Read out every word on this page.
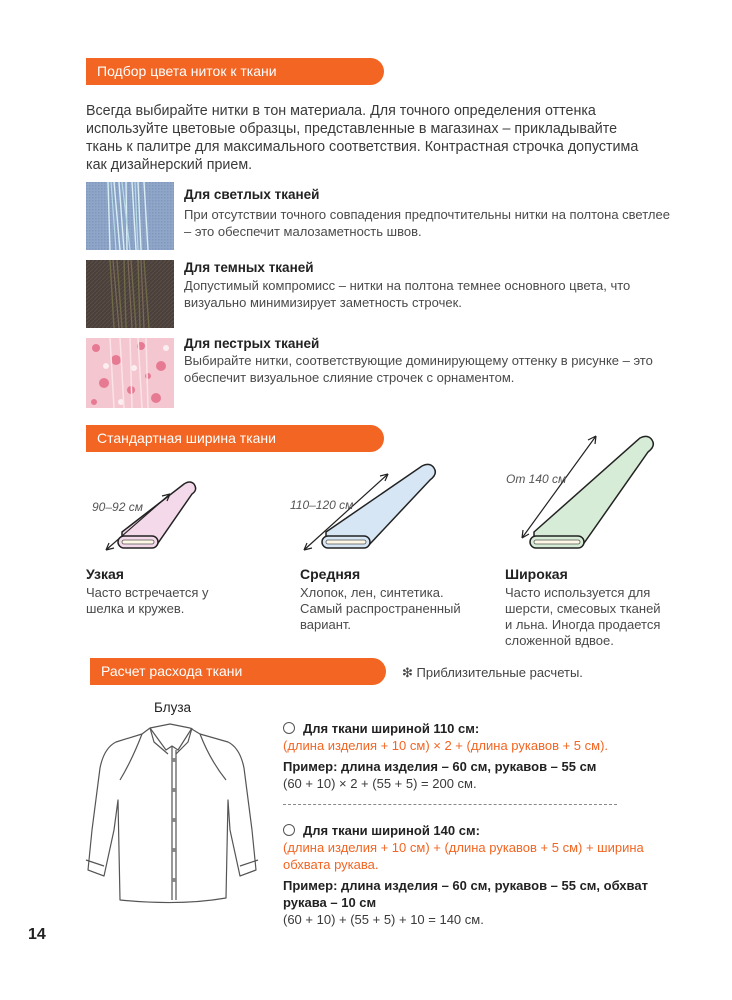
Подбор цвета ниток к ткани
Всегда выбирайте нитки в тон материала. Для точного определения оттенка используйте цветовые образцы, представленные в магазинах – прикладывайте ткань к палитре для максимального соответствия. Контрастная строчка допустима как дизайнерский прием.
Для светлых тканей
При отсутствии точного совпадения предпочтительны нитки на полтона светлее – это обеспечит малозаметность швов.
Для темных тканей
Допустимый компромисс – нитки на полтона темнее основного цвета, что визуально минимизирует заметность строчек.
Для пестрых тканей
Выбирайте нитки, соответствующие доминирующему оттенку в рисунке – это обеспечит визуальное слияние строчек с орнаментом.
Стандартная ширина ткани
90–92 см	110–120 см
От 140 см
Узкая
Часто встречается у шелка и кружев.
Средняя
Хлопок, лен, синтетика. Самый распространенный вариант.
Широкая
Часто используется для шерсти, смесовых тканей и льна. Иногда продается сложенной вдвое.
Расчет расхода ткани	❇ Приблизительные расчеты.
Блуза
Для ткани шириной 110 см:
(длина изделия + 10 см) × 2 + (длина рукавов + 5 см).
Пример: длина изделия – 60 см, рукавов – 55 см
(60 + 10) × 2 + (55 + 5) = 200 см.
Для ткани шириной 140 см:
(длина изделия + 10 см) + (длина рукавов + 5 см) + ширина обхвата рукава.
Пример: длина изделия – 60 см, рукавов – 55 см, обхват рукава – 10 см
(60 + 10) + (55 + 5) + 10 = 140 см.
14
